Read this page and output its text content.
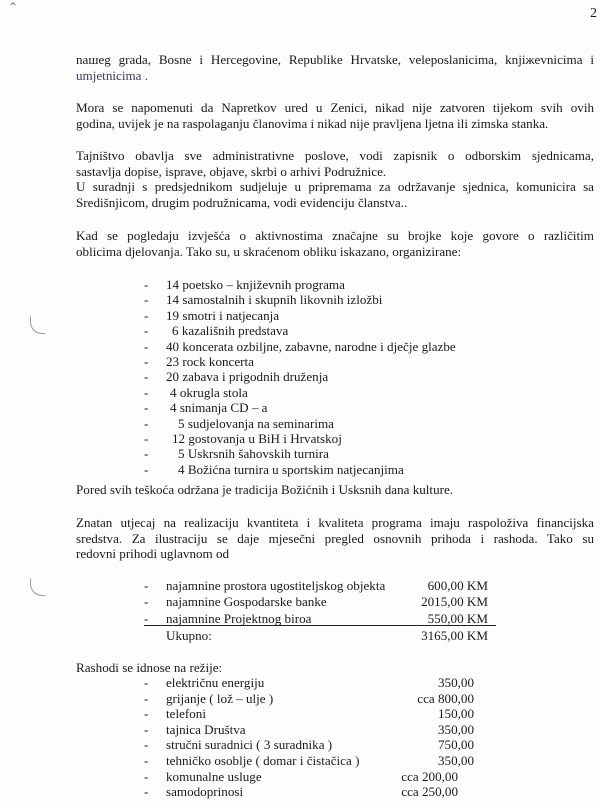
⌃	2
naшeg grada, Bosne i Hercegovine, Republike Hrvatske, veleposlanicima, knjiжevnicima i
umjetnicima .
Mora se napomenuti da Napretkov ured u Zenici, nikad nije zatvoren tijekom svih ovih
godina, uvijek je na raspolaganju članovima i nikad nije pravljena ljetna ili zimska stanka.
Tajništvo obavlja sve administrativne poslove, vodi zapisnik o odborskim sjednicama,
sastavlja dopise, isprave, objave, skrbi o arhivi Podružnice.
U suradnji s predsjednikom sudjeluje u pripremama za održavanje sjednica, komunicira sa
Središnjicom, drugim podružnicama, vodi evidenciju članstva..
Kad se pogledaju izvješća o aktivnostima značajne su brojke koje govore o različitim
oblicima djelovanja. Tako su, u skraćenom obliku iskazano, organizirane:
- 14 poetsko – književnih programa
- 14 samostalnih i skupnih likovnih izložbi
- 19 smotri i natjecanja
- 6 kazališnih predstava
- 40 koncerata ozbiljne, zabavne, narodne i dječje glazbe
- 23 rock koncerta
- 20 zabava i prigodnih druženja
- 4 okrugla stola
- 4 snimanja CD – a
- 5 sudjelovanja na seminarima
- 12 gostovanja u BiH i Hrvatskoj
- 5 Uskrsnih šahovskih turnira
- 4 Božićna turnira u sportskim natjecanjima
Pored svih teškoća održana je tradicija Božićnih i Usksnih dana kulture.
Znatan utjecaj na realizaciju kvantiteta i kvaliteta programa imaju raspoloživa financijska
sredstva. Za ilustraciju se daje mjesečni pregled osnovnih prihoda i rashoda. Tako su
redovni prihodi uglavnom od
- najamnine prostora ugostiteljskog objekta	600,00 KM
- najamnine Gospodarske banke	2015,00 KM
- najamnine Projektnog biroa	550,00 KM
Ukupno:	3165,00 KM
Rashodi se idnose na režije:
- električnu energiju	350,00
- grijanje ( lož – ulje )	cca 800,00
- telefoni	150,00
- tajnica Društva	350,00
- stručni suradnici ( 3 suradnika )	750,00
- tehničko osoblje ( domar i čistačica )	350,00
- komunalne usluge	cca 200,00
- samodoprinosi	cca 250,00
